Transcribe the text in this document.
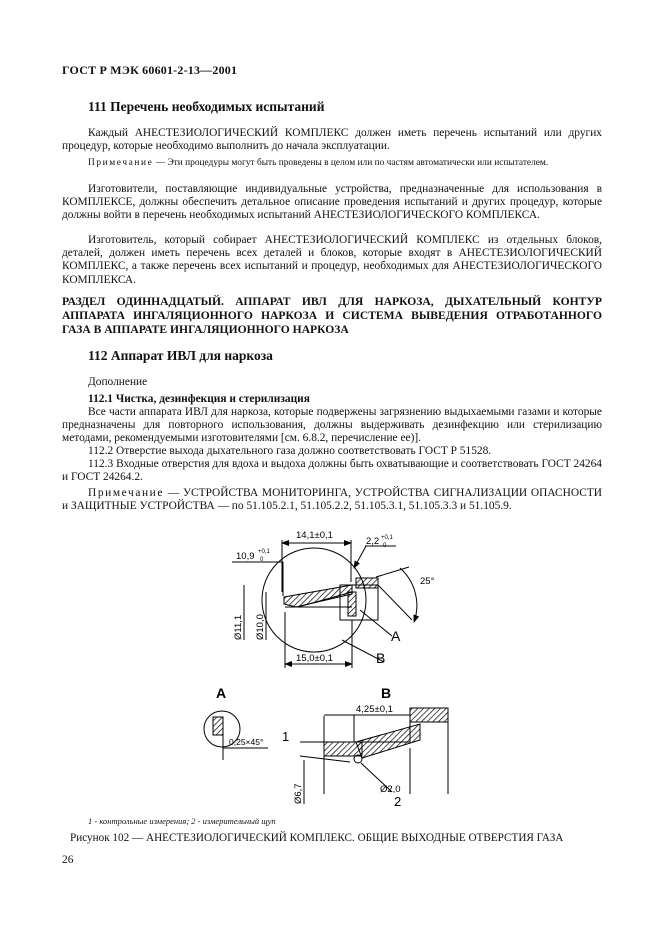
ГОСТ Р МЭК 60601-2-13—2001
111 Перечень необходимых испытаний
Каждый АНЕСТЕЗИОЛОГИЧЕСКИЙ КОМПЛЕКС должен иметь перечень испытаний или других процедур, которые необходимо выполнить до начала эксплуатации.
Примечание — Эти процедуры могут быть проведены в целом или по частям автоматически или испытателем.
Изготовители, поставляющие индивидуальные устройства, предназначенные для использования в КОМПЛЕКСЕ, должны обеспечить детальное описание проведения испытаний и других процедур, которые должны войти в перечень необходимых испытаний АНЕСТЕЗИОЛОГИЧЕСКОГО КОМПЛЕКСА.
Изготовитель, который собирает АНЕСТЕЗИОЛОГИЧЕСКИЙ КОМПЛЕКС из отдельных блоков, деталей, должен иметь перечень всех деталей и блоков, которые входят в АНЕСТЕЗИОЛОГИЧЕСКИЙ КОМПЛЕКС, а также перечень всех испытаний и процедур, необходимых для АНЕСТЕЗИОЛОГИЧЕСКОГО КОМПЛЕКСА.
РАЗДЕЛ ОДИННАДЦАТЫЙ. АППАРАТ ИВЛ ДЛЯ НАРКОЗА, ДЫХАТЕЛЬНЫЙ КОНТУР АППАРАТА ИНГАЛЯЦИОННОГО НАРКОЗА И СИСТЕМА ВЫВЕДЕНИЯ ОТРАБОТАННОГО ГАЗА В АППАРАТЕ ИНГАЛЯЦИОННОГО НАРКОЗА
112 Аппарат ИВЛ для наркоза
Дополнение
112.1 Чистка, дезинфекция и стерилизация
Все части аппарата ИВЛ для наркоза, которые подвержены загрязнению выдыхаемыми газами и которые предназначены для повторного использования, должны выдерживать дезинфекцию или стерилизацию методами, рекомендуемыми изготовителями [см. 6.8.2, перечисление ее)].
112.2 Отверстие выхода дыхательного газа должно соответствовать ГОСТ Р 51528.
112.3 Входные отверстия для вдоха и выдоха должны быть охватывающие и соответствовать ГОСТ 24264 и ГОСТ 24264.2.
Примечание — УСТРОЙСТВА МОНИТОРИНГА, УСТРОЙСТВА СИГНАЛИЗАЦИИ ОПАСНОСТИ и ЗАЩИТНЫЕ УСТРОЙСТВА — по 51.105.2.1, 51.105.2.2, 51.105.3.1, 51.105.3.3 и 51.105.9.
14,1±0,1
10,9 +0,1
0
2,2 +0,1
0
25°
Ø11,1 Ø10,0
15,0±0,1
A
B
A
0,25×45°
B
4,25±0,1
1
Ø2,0
2
Ø6,7
1 - контрольные измерения; 2 - измерительный щуп
Рисунок 102 — АНЕСТЕЗИОЛОГИЧЕСКИЙ КОМПЛЕКС. ОБЩИЕ ВЫХОДНЫЕ ОТВЕРСТИЯ ГАЗА
26
